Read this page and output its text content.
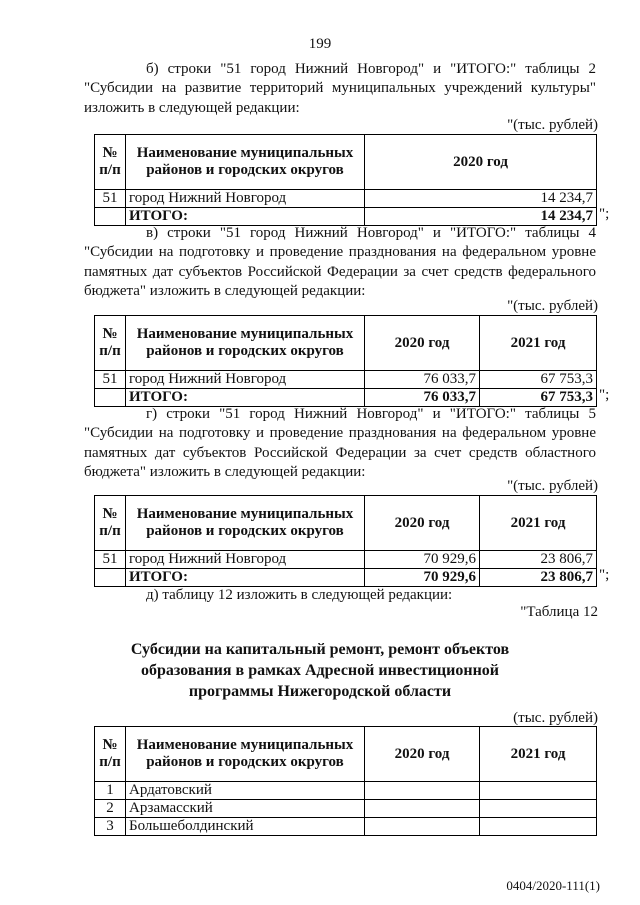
199
б) строки "51 город Нижний Новгород" и "ИТОГО:" таблицы 2 "Субсидии на развитие территорий муниципальных учреждений культуры" изложить в следующей редакции:
"(тыс. рублей)
№ п/п	Наименование муниципальных районов и городских округов	2020 год
51	город Нижний Новгород	14 234,7
	ИТОГО:	14 234,7 ";
в) строки "51 город Нижний Новгород" и "ИТОГО:" таблицы 4 "Субсидии на подготовку и проведение празднования на федеральном уровне памятных дат субъектов Российской Федерации за счет средств федерального бюджета" изложить в следующей редакции:
"(тыс. рублей)
№ п/п	Наименование муниципальных районов и городских округов	2020 год	2021 год
51	город Нижний Новгород	76 033,7	67 753,3
	ИТОГО:	76 033,7	67 753,3 ";
г) строки "51 город Нижний Новгород" и "ИТОГО:" таблицы 5 "Субсидии на подготовку и проведение празднования на федеральном уровне памятных дат субъектов Российской Федерации за счет средств областного бюджета" изложить в следующей редакции:
"(тыс. рублей)
№ п/п	Наименование муниципальных районов и городских округов	2020 год	2021 год
51	город Нижний Новгород	70 929,6	23 806,7
	ИТОГО:	70 929,6	23 806,7 ";
д) таблицу 12 изложить в следующей редакции:
"Таблица 12
Субсидии на капитальный ремонт, ремонт объектов образования в рамках Адресной инвестиционной программы Нижегородской области
(тыс. рублей)
№ п/п	Наименование муниципальных районов и городских округов	2020 год	2021 год
1	Ардатовский		
2	Арзамасский		
3	Большеболдинский		
0404/2020-111(1)
